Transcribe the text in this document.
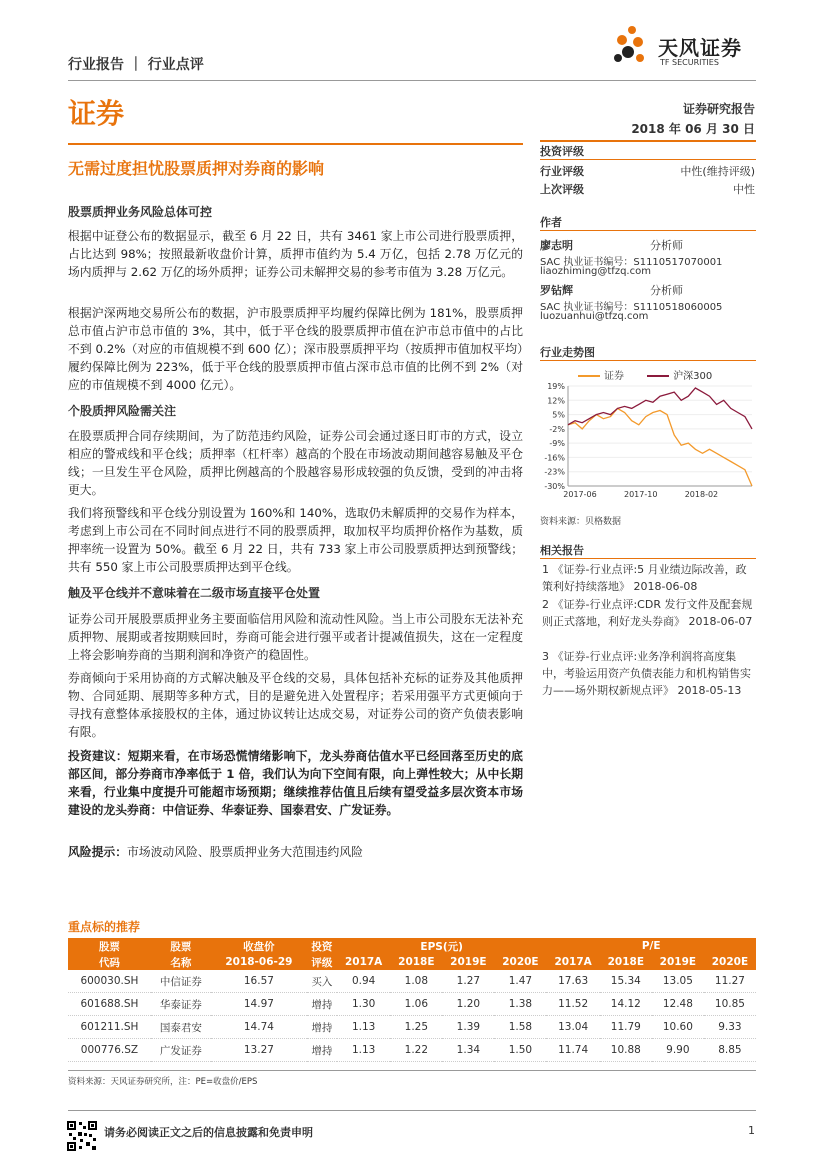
行业报告 ｜ 行业点评
天风证券
TF SECURITIES
证券	证券研究报告
2018 年 06 月 30 日
无需过度担忧股票质押对券商的影响
投资评级
行业评级	中性(维持评级)
上次评级	中性
作者
廖志明	分析师
SAC 执业证书编号：S1110517070001
liaozhiming@tfzq.com
罗钻辉	分析师
SAC 执业证书编号：S1110518060005
luozuanhui@tfzq.com
行业走势图
证券	沪深300
19%
12%
5%
-2%
-9%
-16%
-23%
-30%
2017-06	2017-10	2018-02
资料来源：贝格数据
相关报告
1 《证券-行业点评:5 月业绩边际改善，政策利好持续落地》 2018-06-08
2 《证券-行业点评:CDR 发行文件及配套规则正式落地，利好龙头券商》 2018-06-07
3 《证券-行业点评:业务净利润将高度集中，考验运用资产负债表能力和机构销售实力——场外期权新规点评》 2018-05-13
股票质押业务风险总体可控
根据中证登公布的数据显示，截至 6 月 22 日，共有 3461 家上市公司进行股票质押，占比达到 98%；按照最新收盘价计算，质押市值约为 5.4 万亿，包括 2.78 万亿元的场内质押与 2.62 万亿的场外质押；证券公司未解押交易的参考市值为 3.28 万亿元。
根据沪深两地交易所公布的数据，沪市股票质押平均履约保障比例为 181%，股票质押总市值占沪市总市值的 3%，其中，低于平仓线的股票质押市值在沪市总市值中的占比不到 0.2%（对应的市值规模不到 600 亿）；深市股票质押平均（按质押市值加权平均）履约保障比例为 223%，低于平仓线的股票质押市值占深市总市值的比例不到 2%（对应的市值规模不到 4000 亿元）。
个股质押风险需关注
在股票质押合同存续期间，为了防范违约风险，证券公司会通过逐日盯市的方式，设立相应的警戒线和平仓线；质押率（杠杆率）越高的个股在市场波动期间越容易触及平仓线；一旦发生平仓风险，质押比例越高的个股越容易形成较强的负反馈，受到的冲击将更大。
我们将预警线和平仓线分别设置为 160%和 140%，选取仍未解质押的交易作为样本，考虑到上市公司在不同时间点进行不同的股票质押，取加权平均质押价格作为基数，质押率统一设置为 50%。截至 6 月 22 日，共有 733 家上市公司股票质押达到预警线；共有 550 家上市公司股票质押达到平仓线。
触及平仓线并不意味着在二级市场直接平仓处置
证券公司开展股票质押业务主要面临信用风险和流动性风险。当上市公司股东无法补充质押物、展期或者按期赎回时，券商可能会进行强平或者计提减值损失，这在一定程度上将会影响券商的当期利润和净资产的稳固性。
券商倾向于采用协商的方式解决触及平仓线的交易，具体包括补充标的证券及其他质押物、合同延期、展期等多种方式，目的是避免进入处置程序；若采用强平方式更倾向于寻找有意整体承接股权的主体，通过协议转让达成交易，对证券公司的资产负债表影响有限。
投资建议：短期来看，在市场恐慌情绪影响下，龙头券商估值水平已经回落至历史的底部区间，部分券商市净率低于 1 倍，我们认为向下空间有限，向上弹性较大；从中长期来看，行业集中度提升可能超市场预期；继续推荐估值且后续有望受益多层次资本市场建设的龙头券商：中信证券、华泰证券、国泰君安、广发证券。
风险提示：市场波动风险、股票质押业务大范围违约风险
重点标的推荐
股票	股票	收盘价	投资	EPS(元)				P/E			
代码	名称	2018-06-29	评级	2017A	2018E	2019E	2020E	2017A	2018E	2019E	2020E
600030.SH	中信证券	16.57	买入	0.94	1.08	1.27	1.47	17.63	15.34	13.05	11.27
601688.SH	华泰证券	14.97	增持	1.30	1.06	1.20	1.38	11.52	14.12	12.48	10.85
601211.SH	国泰君安	14.74	增持	1.13	1.25	1.39	1.58	13.04	11.79	10.60	9.33
000776.SZ	广发证券	13.27	增持	1.13	1.22	1.34	1.50	11.74	10.88	9.90	8.85
资料来源：天风证券研究所，注：PE=收盘价/EPS
请务必阅读正文之后的信息披露和免责申明	1
